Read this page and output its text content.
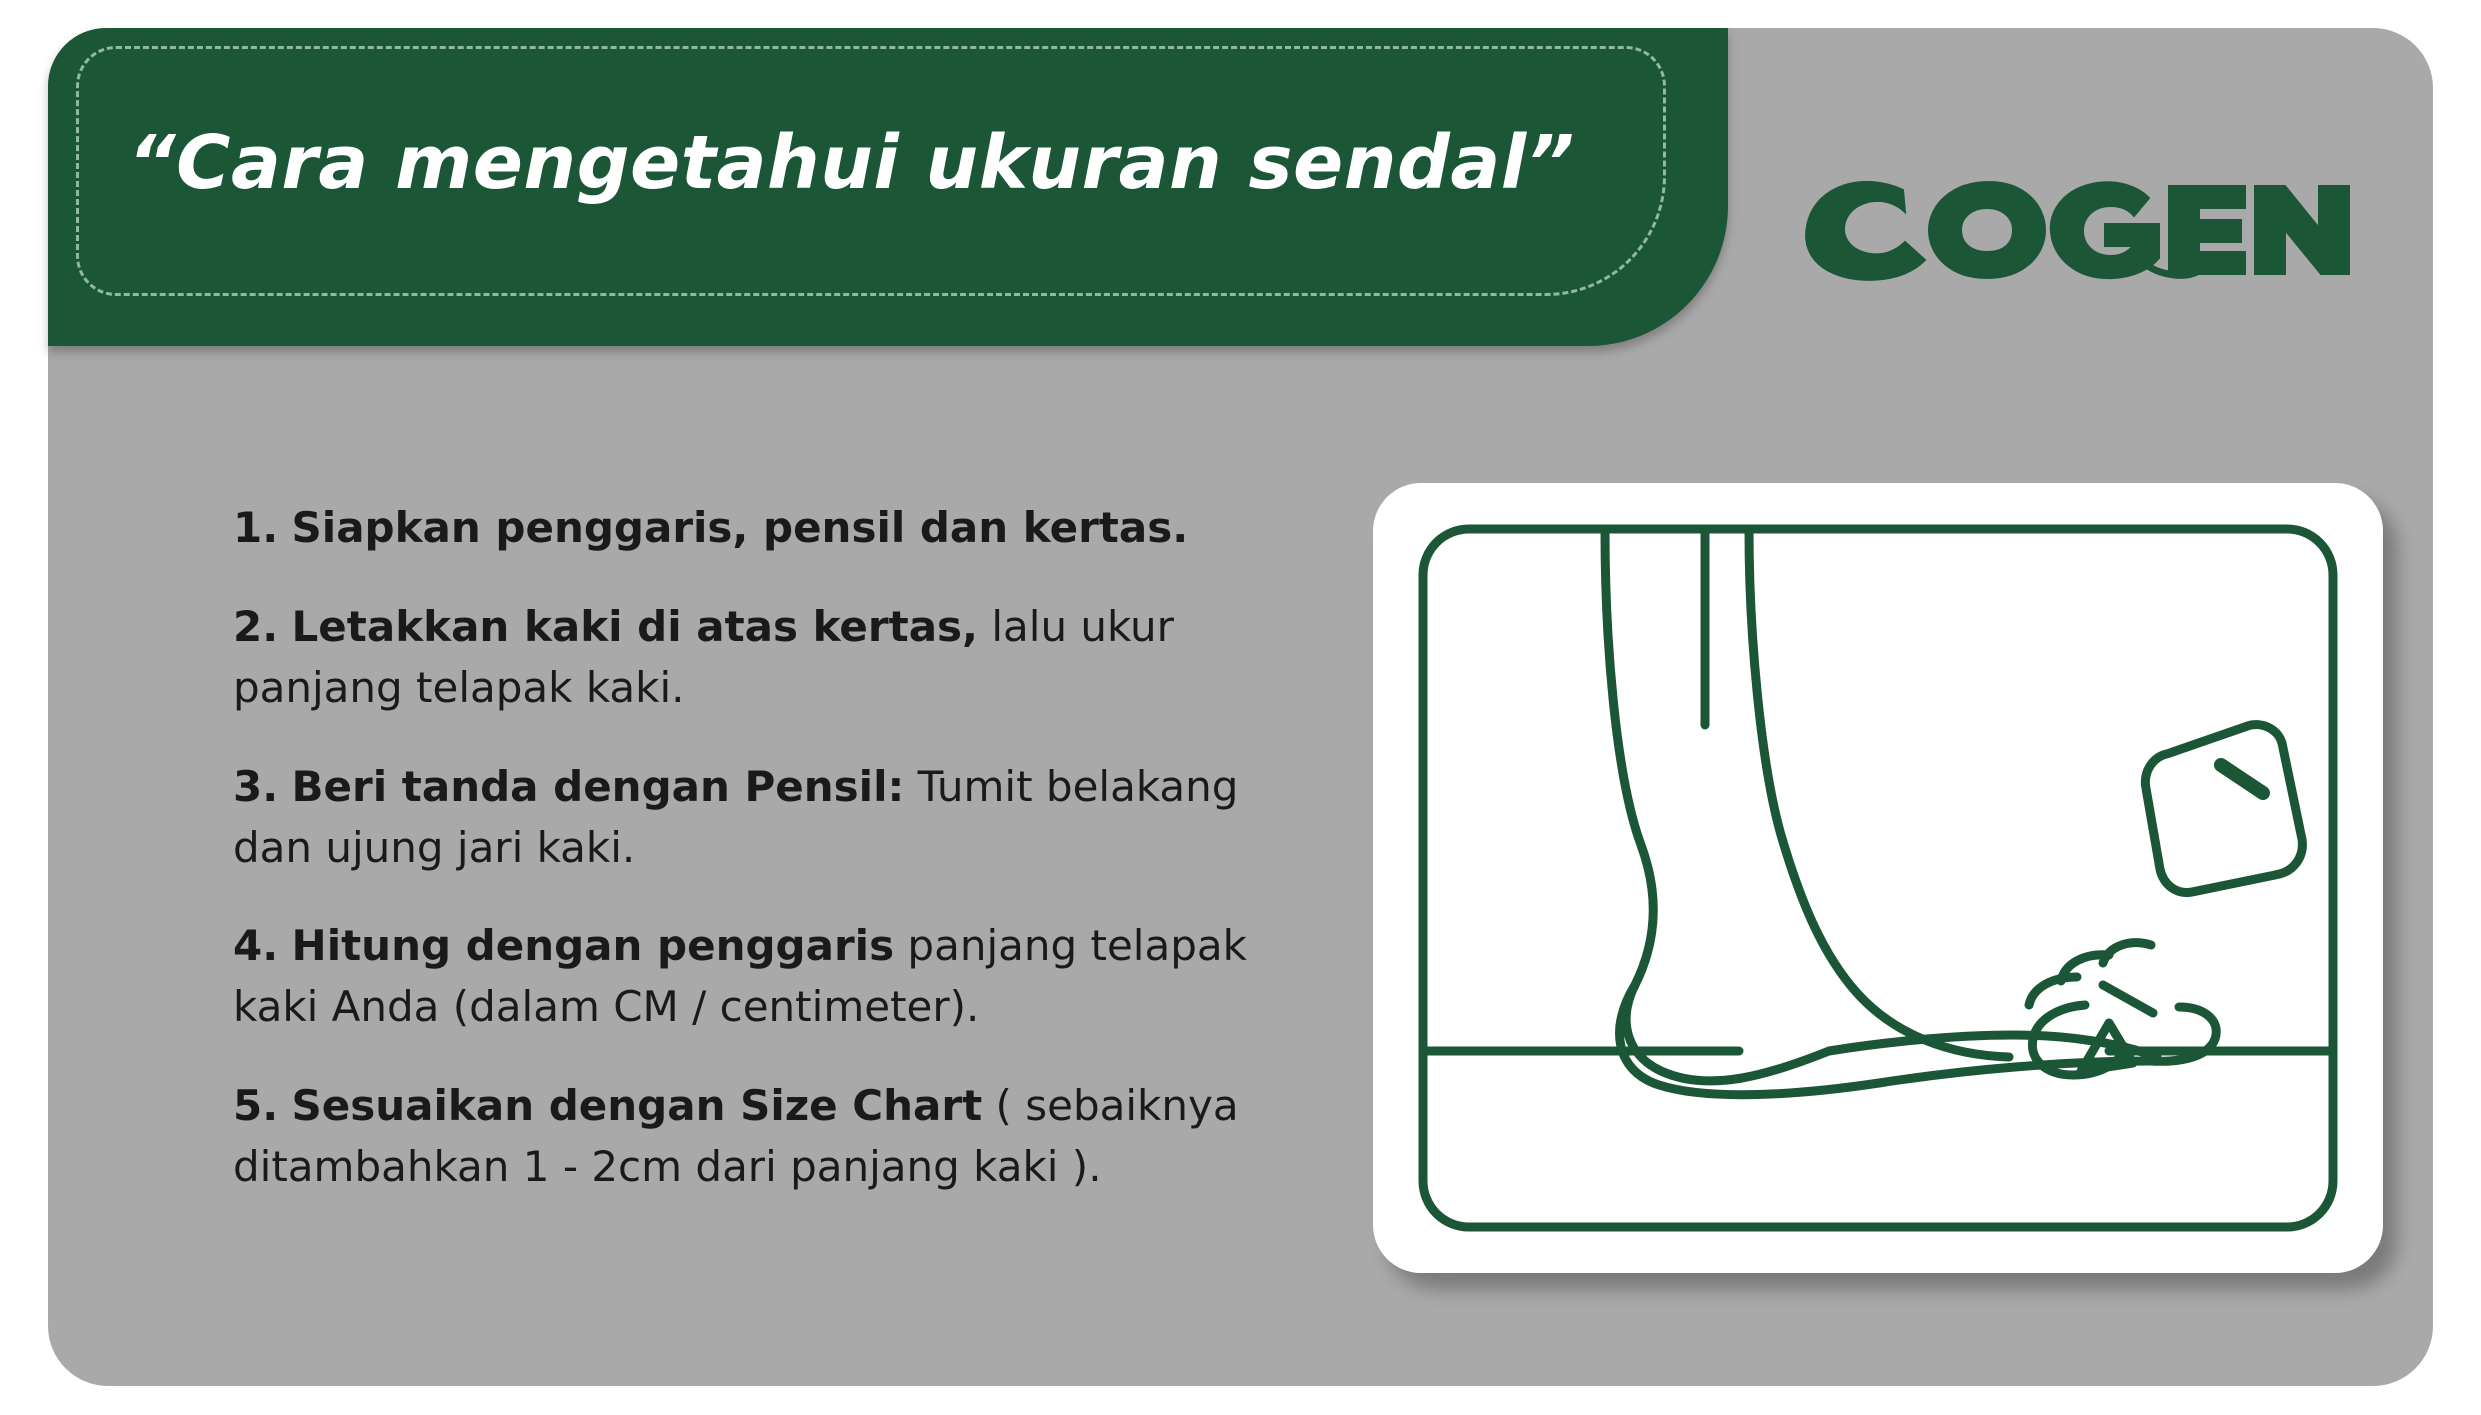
“Cara mengetahui ukuran sendal”
1. Siapkan penggaris, pensil dan kertas.
2. Letakkan kaki di atas kertas, lalu ukur panjang telapak kaki.
3. Beri tanda dengan Pensil: Tumit belakang dan ujung jari kaki.
4. Hitung dengan penggaris panjang telapak kaki Anda (dalam CM / centimeter).
5. Sesuaikan dengan Size Chart ( sebaiknya ditambahkan 1 - 2cm dari panjang kaki ).
